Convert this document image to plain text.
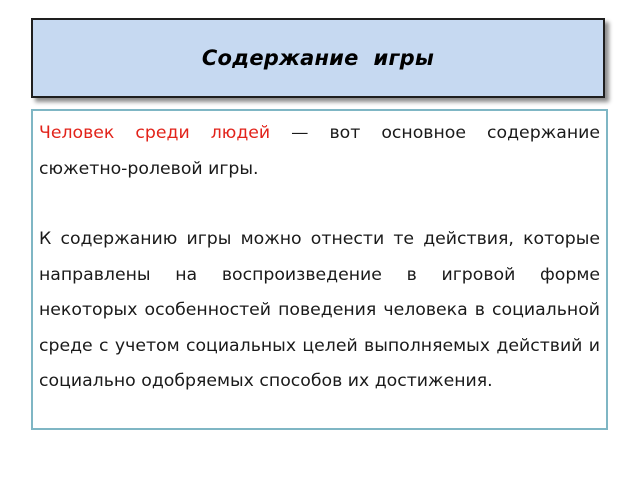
Содержание  игры

Человек среди людей — вот основное содержание сюжетно-ролевой игры.

К содержанию игры можно отнести те действия, которые направлены на воспроизведение в игровой форме некоторых особенностей поведения человека в социальной среде с учетом социальных целей выполняемых действий и социально одобряемых способов их достижения.
